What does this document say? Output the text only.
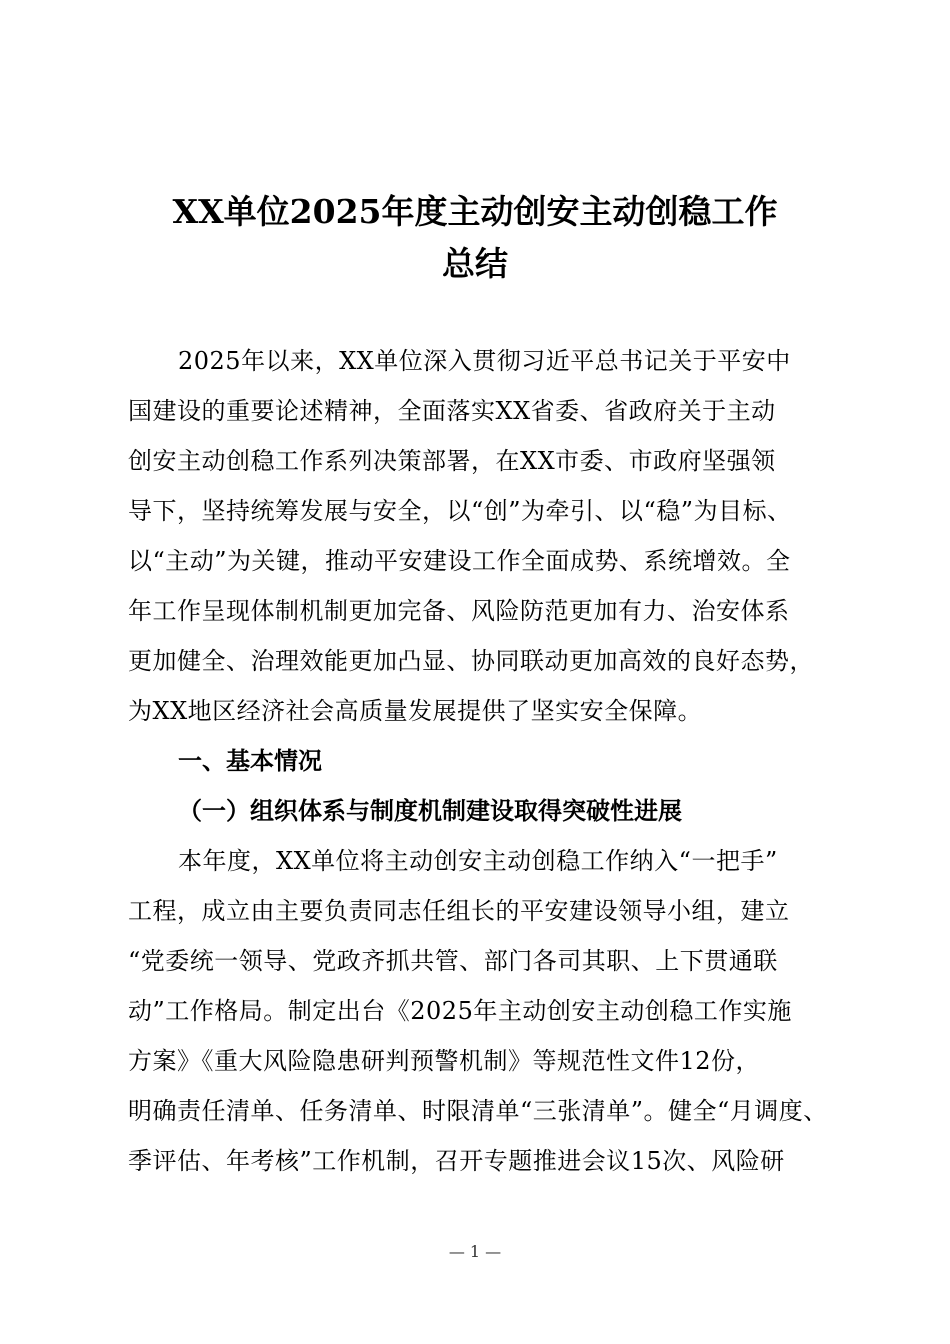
XX单位2025年度主动创安主动创稳工作
总结
2025年以来，XX单位深入贯彻习近平总书记关于平安中
国建设的重要论述精神，全面落实XX省委、省政府关于主动
创安主动创稳工作系列决策部署，在XX市委、市政府坚强领
导下，坚持统筹发展与安全，以“创”为牵引、以“稳”为目标、
以“主动”为关键，推动平安建设工作全面成势、系统增效。全
年工作呈现体制机制更加完备、风险防范更加有力、治安体系
更加健全、治理效能更加凸显、协同联动更加高效的良好态势，
为XX地区经济社会高质量发展提供了坚实安全保障。
一、基本情况
（一）组织体系与制度机制建设取得突破性进展
本年度，XX单位将主动创安主动创稳工作纳入“一把手”
工程，成立由主要负责同志任组长的平安建设领导小组，建立
“党委统一领导、党政齐抓共管、部门各司其职、上下贯通联
动”工作格局。制定出台《2025年主动创安主动创稳工作实施
方案》《重大风险隐患研判预警机制》等规范性文件12份，
明确责任清单、任务清单、时限清单“三张清单”。健全“月调度、
季评估、年考核”工作机制，召开专题推进会议15次、风险研
— 1 —
